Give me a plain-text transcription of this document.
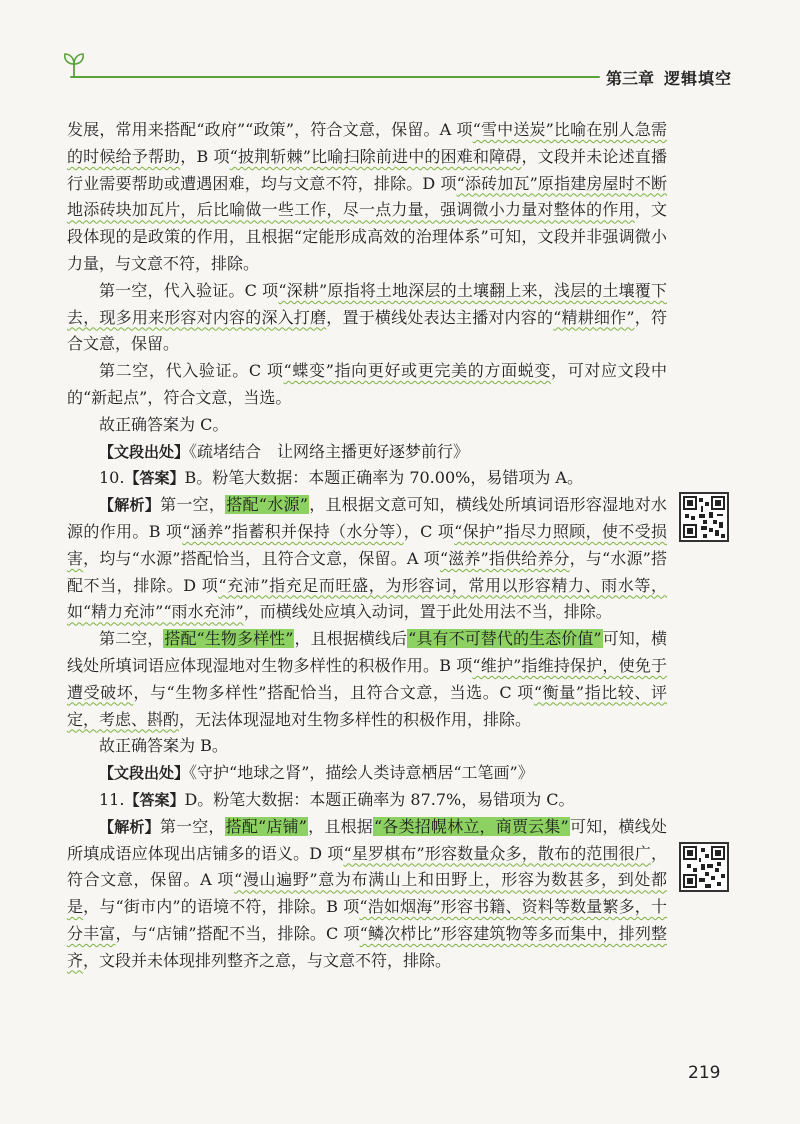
第三章 逻辑填空

发展，常用来搭配“政府”“政策”，符合文意，保留。A 项“雪中送炭”比喻在别人急需的时候给予帮助，B 项“披荆斩棘”比喻扫除前进中的困难和障碍，文段并未论述直播行业需要帮助或遭遇困难，均与文意不符，排除。D 项“添砖加瓦”原指建房屋时不断地添砖块加瓦片，后比喻做一些工作，尽一点力量，强调微小力量对整体的作用，文段体现的是政策的作用，且根据“定能形成高效的治理体系”可知，文段并非强调微小力量，与文意不符，排除。

第一空，代入验证。C 项“深耕”原指将土地深层的土壤翻上来，浅层的土壤覆下去，现多用来形容对内容的深入打磨，置于横线处表达主播对内容的“精耕细作”，符合文意，保留。

第二空，代入验证。C 项“蝶变”指向更好或更完美的方面蜕变，可对应文段中的“新起点”，符合文意，当选。

故正确答案为 C。

【文段出处】《疏堵结合　让网络主播更好逐梦前行》

10.【答案】B。粉笔大数据：本题正确率为 70.00%，易错项为 A。

【解析】第一空，搭配“水源”，且根据文意可知，横线处所填词语形容湿地对水源的作用。B 项“涵养”指蓄积并保持（水分等），C 项“保护”指尽力照顾，使不受损害，均与“水源”搭配恰当，且符合文意，保留。A 项“滋养”指供给养分，与“水源”搭配不当，排除。D 项“充沛”指充足而旺盛，为形容词，常用以形容精力、雨水等，如“精力充沛”“雨水充沛”，而横线处应填入动词，置于此处用法不当，排除。

第二空，搭配“生物多样性”，且根据横线后“具有不可替代的生态价值”可知，横线处所填词语应体现湿地对生物多样性的积极作用。B 项“维护”指维持保护，使免于遭受破坏，与“生物多样性”搭配恰当，且符合文意，当选。C 项“衡量”指比较、评定，考虑、斟酌，无法体现湿地对生物多样性的积极作用，排除。

故正确答案为 B。

【文段出处】《守护“地球之肾”，描绘人类诗意栖居“工笔画”》

11.【答案】D。粉笔大数据：本题正确率为 87.7%，易错项为 C。

【解析】第一空，搭配“店铺”，且根据“各类招幌林立，商贾云集”可知，横线处所填成语应体现出店铺多的语义。D 项“星罗棋布”形容数量众多，散布的范围很广，符合文意，保留。A 项“漫山遍野”意为布满山上和田野上，形容为数甚多，到处都是，与“街市内”的语境不符，排除。B 项“浩如烟海”形容书籍、资料等数量繁多，十分丰富，与“店铺”搭配不当，排除。C 项“鳞次栉比”形容建筑物等多而集中，排列整齐，文段并未体现排列整齐之意，与文意不符，排除。

219
